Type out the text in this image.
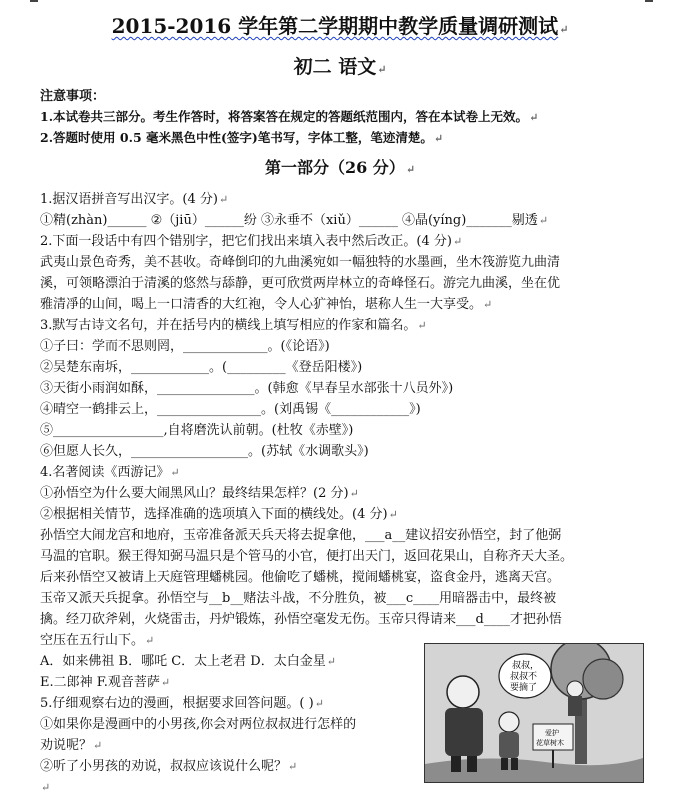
2015-2016 学年第二学期期中教学质量调研测试↵
初二 语文↵
注意事项：
1.本试卷共三部分。考生作答时，将答案答在规定的答题纸范围内，答在本试卷上无效。↵
2.答题时使用 0.5 毫米黑色中性(签字)笔书写，字体工整，笔迹清楚。↵
第一部分（26 分）↵
1.据汉语拼音写出汉字。(4 分)↵
①精(zhàn)______ ②（jiū）______纷 ③永垂不（xiǔ）______ ④晶(yíng)_______剔透↵
2.下面一段话中有四个错别字，把它们找出来填入表中然后改正。(4 分)↵
武夷山景色奇秀，美不甚收。奇峰倒印的九曲溪宛如一幅独特的水墨画，坐木筏游览九曲清
溪，可领略漂泊于清溪的悠然与舔静，更可欣赏两岸林立的奇峰怪石。游完九曲溪，坐在优
雅清凈的山间，喝上一口清香的大红袍，令人心犷神怡，堪称人生一大享受。↵
3.默写古诗文名句，并在括号内的横线上填写相应的作家和篇名。↵
①子曰：学而不思则罔，_____________。(《论语》)
②吴楚东南坼，____________。(_________《登岳阳楼》)
③天街小雨润如酥，_______________。(韩愈《早春呈水部张十八员外》)
④晴空一鹤排云上，________________。(刘禹锡《____________》)
⑤_________________,自将磨洗认前朝。(杜牧《赤壁》)
⑥但愿人长久，__________________。(苏轼《水调歌头》)
4.名著阅读《西游记》↵
①孙悟空为什么要大闹黑风山？最终结果怎样？(2 分)↵
②根据相关情节，选择准确的选项填入下面的横线处。(4 分)↵
孙悟空大闹龙宫和地府，玉帝准备派天兵天将去捉拿他，___a__建议招安孙悟空，封了他弼
马温的官职。猴王得知弼马温只是个管马的小官，便打出天门，返回花果山，自称齐天大圣。
后来孙悟空又被请上天庭管理蟠桃园。他偷吃了蟠桃，搅闹蟠桃宴，盗食金丹，逃离天宫。
玉帝又派天兵捉拿。孙悟空与__b__赌法斗战，不分胜负，被___c____用暗器击中，最终被
擒。经刀砍斧剁，火烧雷击，丹炉锻炼，孙悟空毫发无伤。玉帝只得请来___d____才把孙悟
空压在五行山下。↵
A．如来佛祖 B．哪吒 C．太上老君 D．太白金星↵
E.二郎神 F.观音菩萨↵
5.仔细观察右边的漫画，根据要求回答问题。( )↵
①如果你是漫画中的小男孩,你会对两位叔叔进行怎样的
劝说呢？↵
②听了小男孩的劝说，叔叔应该说什么呢？↵
↵
叔叔，
叔叔不
要摘了
爱护
花草树木
